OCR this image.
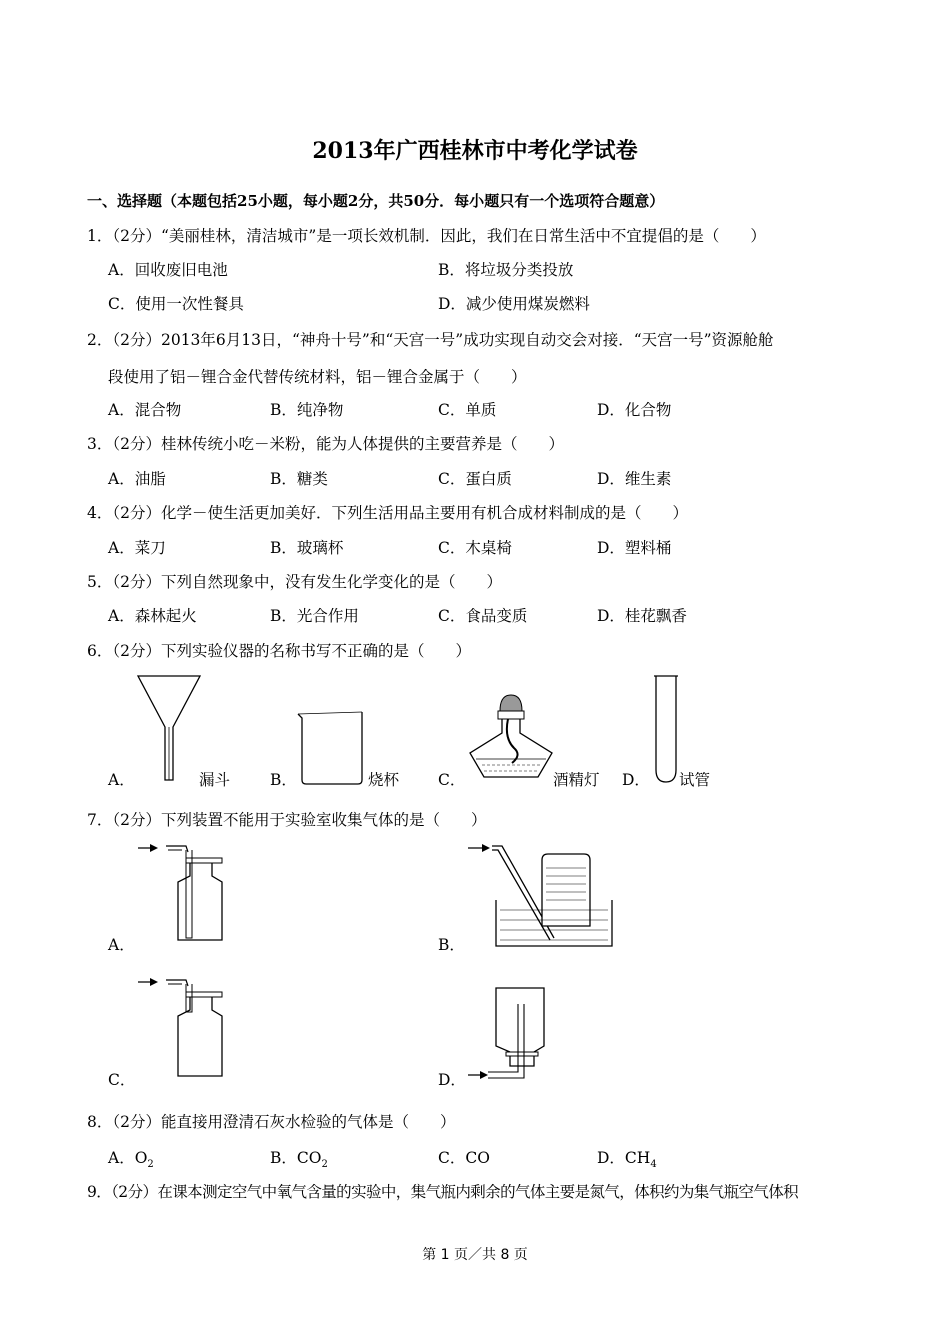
2013年广西桂林市中考化学试卷
一、选择题（本题包括25小题，每小题2分，共50分．每小题只有一个选项符合题意）
1．（2分）“美丽桂林，清洁城市”是一项长效机制．因此，我们在日常生活中不宜提倡的是（　　）
A．回收废旧电池	B．将垃圾分类投放
C．使用一次性餐具	D．减少使用煤炭燃料
2．（2分）2013年6月13日，“神舟十号”和“天宫一号”成功实现自动交会对接．“天宫一号”资源舱舱
段使用了铝－锂合金代替传统材料，铝－锂合金属于（　　）
A．混合物	B．纯净物	C．单质	D．化合物
3．（2分）桂林传统小吃－米粉，能为人体提供的主要营养是（　　）
A．油脂	B．糖类	C．蛋白质	D．维生素
4．（2分）化学－使生活更加美好．下列生活用品主要用有机合成材料制成的是（　　）
A．菜刀	B．玻璃杯	C．木桌椅	D．塑料桶
5．（2分）下列自然现象中，没有发生化学变化的是（　　）
A．森林起火	B．光合作用	C．食品变质	D．桂花飘香
6．（2分）下列实验仪器的名称书写不正确的是（　　）
A．	漏斗	B．	烧杯	C．	酒精灯 D． 试管
7．（2分）下列装置不能用于实验室收集气体的是（　　）
A．	B．
C．	D．
8．（2分）能直接用澄清石灰水检验的气体是（　　）
A．$O_2$	B．$CO_2$	C．CO	D．$CH_4$
9．（2分）在课本测定空气中氧气含量的实验中，集气瓶内剩余的气体主要是氮气，体积约为集气瓶空气体积
第 1 页／共 8 页
